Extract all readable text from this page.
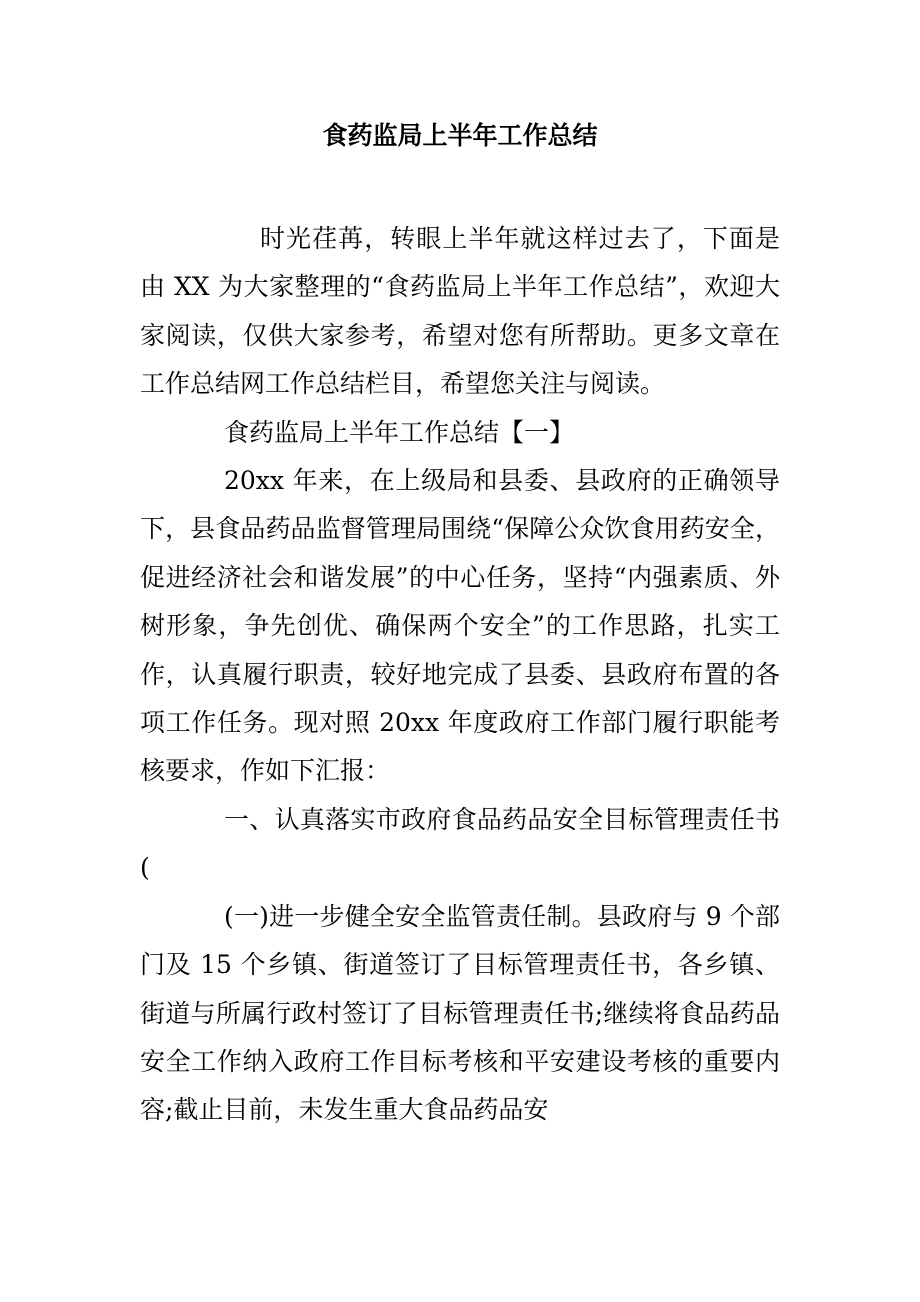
食药监局上半年工作总结

时光荏苒，转眼上半年就这样过去了，下面是由 XX 为大家整理的“食药监局上半年工作总结”，欢迎大家阅读，仅供大家参考，希望对您有所帮助。更多文章在工作总结网工作总结栏目，希望您关注与阅读。

食药监局上半年工作总结【一】

20xx 年来，在上级局和县委、县政府的正确领导下，县食品药品监督管理局围绕“保障公众饮食用药安全，促进经济社会和谐发展”的中心任务，坚持“内强素质、外树形象，争先创优、确保两个安全”的工作思路，扎实工作，认真履行职责，较好地完成了县委、县政府布置的各项工作任务。现对照 20xx 年度政府工作部门履行职能考核要求，作如下汇报：

一、认真落实市政府食品药品安全目标管理责任书 (

(一)进一步健全安全监管责任制。县政府与 9 个部门及 15 个乡镇、街道签订了目标管理责任书，各乡镇、街道与所属行政村签订了目标管理责任书;继续将食品药品安全工作纳入政府工作目标考核和平安建设考核的重要内容;截止目前，未发生重大食品药品安
